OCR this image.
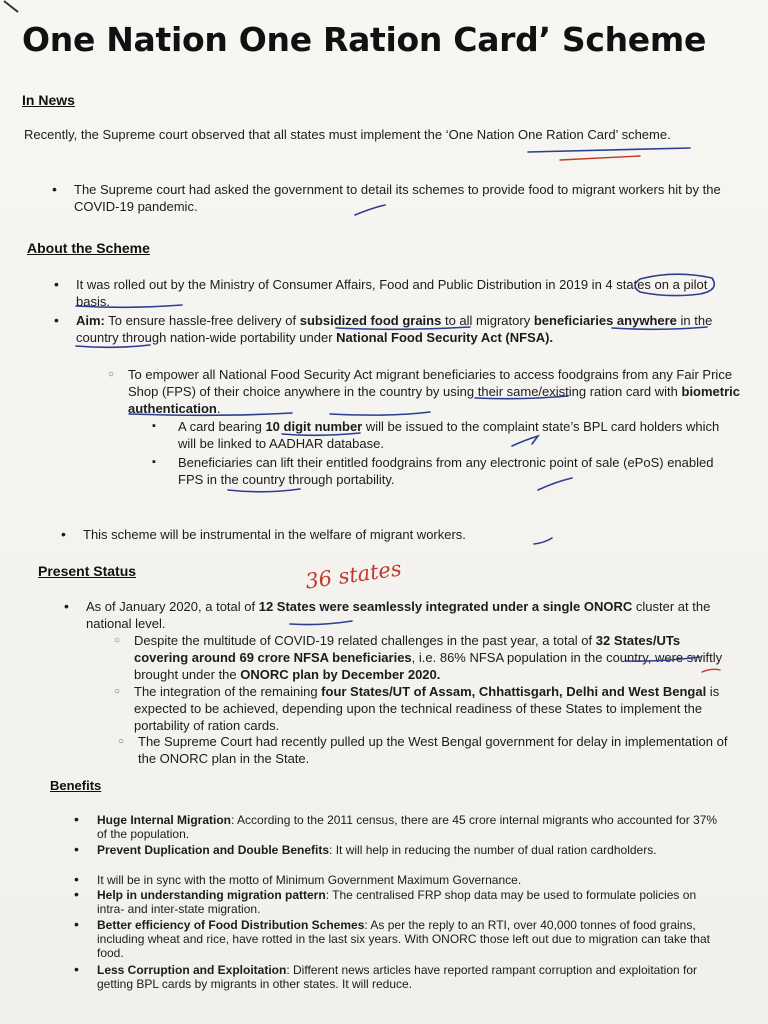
One Nation One Ration Card’ Scheme
In News
Recently, the Supreme court observed that all states must implement the ‘One Nation One Ration Card’ scheme.
• The Supreme court had asked the government to detail its schemes to provide food to migrant workers hit by the COVID-19 pandemic.
About the Scheme
• It was rolled out by the Ministry of Consumer Affairs, Food and Public Distribution in 2019 in 4 states on a pilot basis.
• Aim: To ensure hassle-free delivery of subsidized food grains to all migratory beneficiaries anywhere in the country through nation-wide portability under National Food Security Act (NFSA).
○ To empower all National Food Security Act migrant beneficiaries to access foodgrains from any Fair Price Shop (FPS) of their choice anywhere in the country by using their same/existing ration card with biometric authentication.
▪ A card bearing 10 digit number will be issued to the complaint state’s BPL card holders which will be linked to AADHAR database.
▪ Beneficiaries can lift their entitled foodgrains from any electronic point of sale (ePoS) enabled FPS in the country through portability.
• This scheme will be instrumental in the welfare of migrant workers.
Present Status	36 states
• As of January 2020, a total of 12 States were seamlessly integrated under a single ONORC cluster at the national level.
○ Despite the multitude of COVID-19 related challenges in the past year, a total of 32 States/UTs covering around 69 crore NFSA beneficiaries, i.e. 86% NFSA population in the country, were swiftly brought under the ONORC plan by December 2020.
○ The integration of the remaining four States/UT of Assam, Chhattisgarh, Delhi and West Bengal is expected to be achieved, depending upon the technical readiness of these States to implement the portability of ration cards.
○ The Supreme Court had recently pulled up the West Bengal government for delay in implementation of the ONORC plan in the State.
Benefits
• Huge Internal Migration: According to the 2011 census, there are 45 crore internal migrants who accounted for 37% of the population.
• Prevent Duplication and Double Benefits: It will help in reducing the number of dual ration cardholders.
• It will be in sync with the motto of Minimum Government Maximum Governance.
• Help in understanding migration pattern: The centralised FRP shop data may be used to formulate policies on intra- and inter-state migration.
• Better efficiency of Food Distribution Schemes: As per the reply to an RTI, over 40,000 tonnes of food grains, including wheat and rice, have rotted in the last six years. With ONORC those left out due to migration can take that food.
• Less Corruption and Exploitation: Different news articles have reported rampant corruption and exploitation for getting BPL cards by migrants in other states. It will reduce.
